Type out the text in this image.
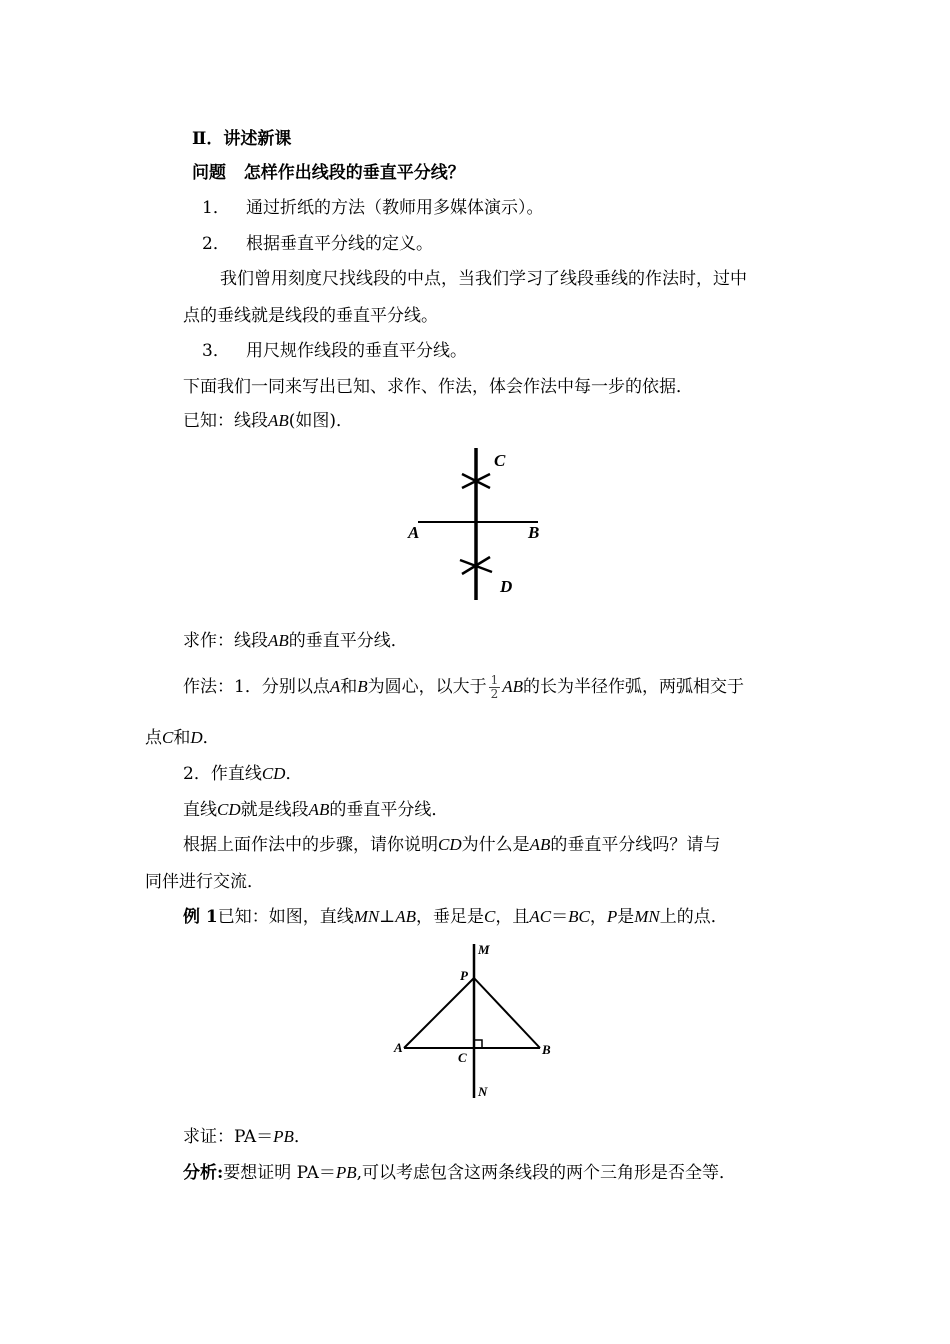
Ⅱ．讲述新课
问题 怎样作出线段的垂直平分线？
1． 通过折纸的方法（教师用多媒体演示）。
2． 根据垂直平分线的定义。
我们曾用刻度尺找线段的中点，当我们学习了线段垂线的作法时，过中
点的垂线就是线段的垂直平分线。
3． 用尺规作线段的垂直平分线。
下面我们一同来写出已知、求作、作法，体会作法中每一步的依据．
已知：线段AB(如图)．
C
A	B
D
求作：线段AB的垂直平分线．
作法：1．分别以点A和B为圆心，以大于 $\frac{1}{2}$ AB的长为半径作弧，两弧相交于
点C和D．
2．作直线CD．
直线CD就是线段AB的垂直平分线．
根据上面作法中的步骤，请你说明CD为什么是AB的垂直平分线吗？请与
同伴进行交流．
例 1已知：如图，直线MN⊥AB，垂足是C，且AC＝BC，P是MN上的点．
M
P
A
C
B
N
求证：PA＝PB．
分析:要想证明 PA＝PB,可以考虑包含这两条线段的两个三角形是否全等．
